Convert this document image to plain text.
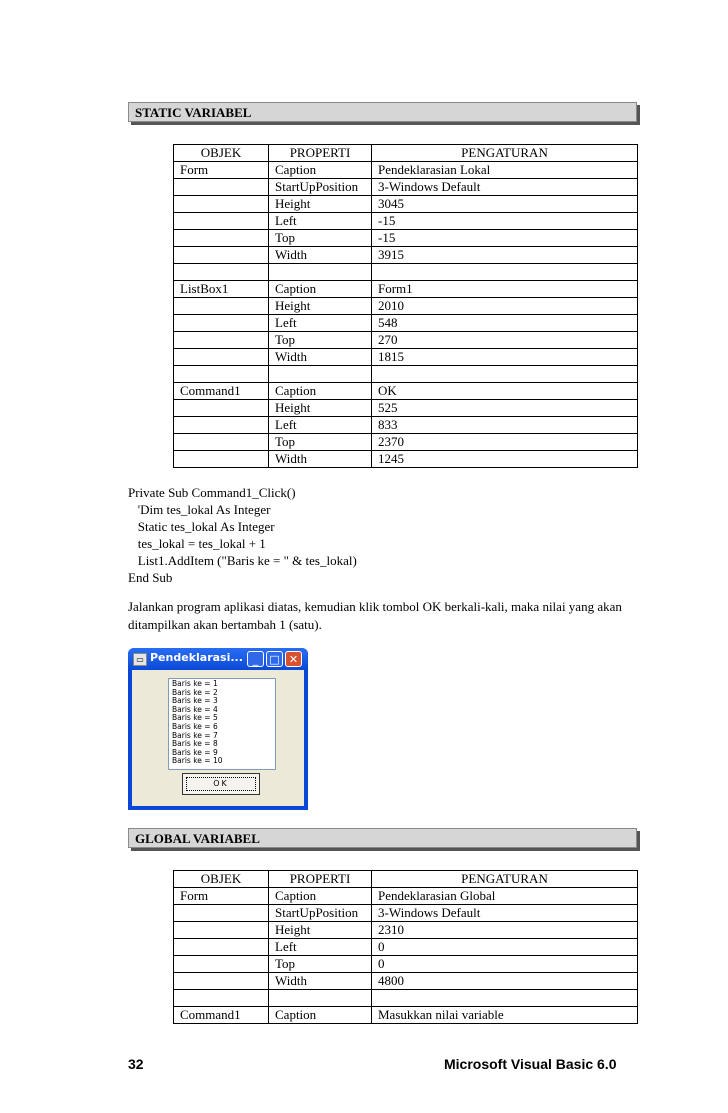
STATIC VARIABEL
OBJEK	PROPERTI	PENGATURAN
Form	Caption	Pendeklarasian Lokal
	StartUpPosition	3-Windows Default
	Height	3045
	Left	-15
	Top	-15
	Width	3915

ListBox1	Caption	Form1
	Height	2010
	Left	548
	Top	270
	Width	1815

Command1	Caption	OK
	Height	525
	Left	833
	Top	2370
	Width	1245
Private Sub Command1_Click()
'Dim tes_lokal As Integer
Static tes_lokal As Integer
tes_lokal = tes_lokal + 1
List1.AddItem ("Baris ke = " & tes_lokal)
End Sub
Jalankan program aplikasi diatas, kemudian klik tombol OK berkali-kali, maka nilai yang akan ditampilkan akan bertambah 1 (satu).
▭ Pendeklarasi... _	□ ✕
Baris ke = 1
Baris ke = 2
Baris ke = 3
Baris ke = 4
Baris ke = 5
Baris ke = 6
Baris ke = 7
Baris ke = 8
Baris ke = 9
Baris ke = 10
OK
GLOBAL VARIABEL
OBJEK	PROPERTI	PENGATURAN
Form	Caption	Pendeklarasian Global
	StartUpPosition	3-Windows Default
	Height	2310
	Left	0
	Top	0
	Width	4800

Command1	Caption	Masukkan nilai variable
32	Microsoft Visual Basic 6.0
